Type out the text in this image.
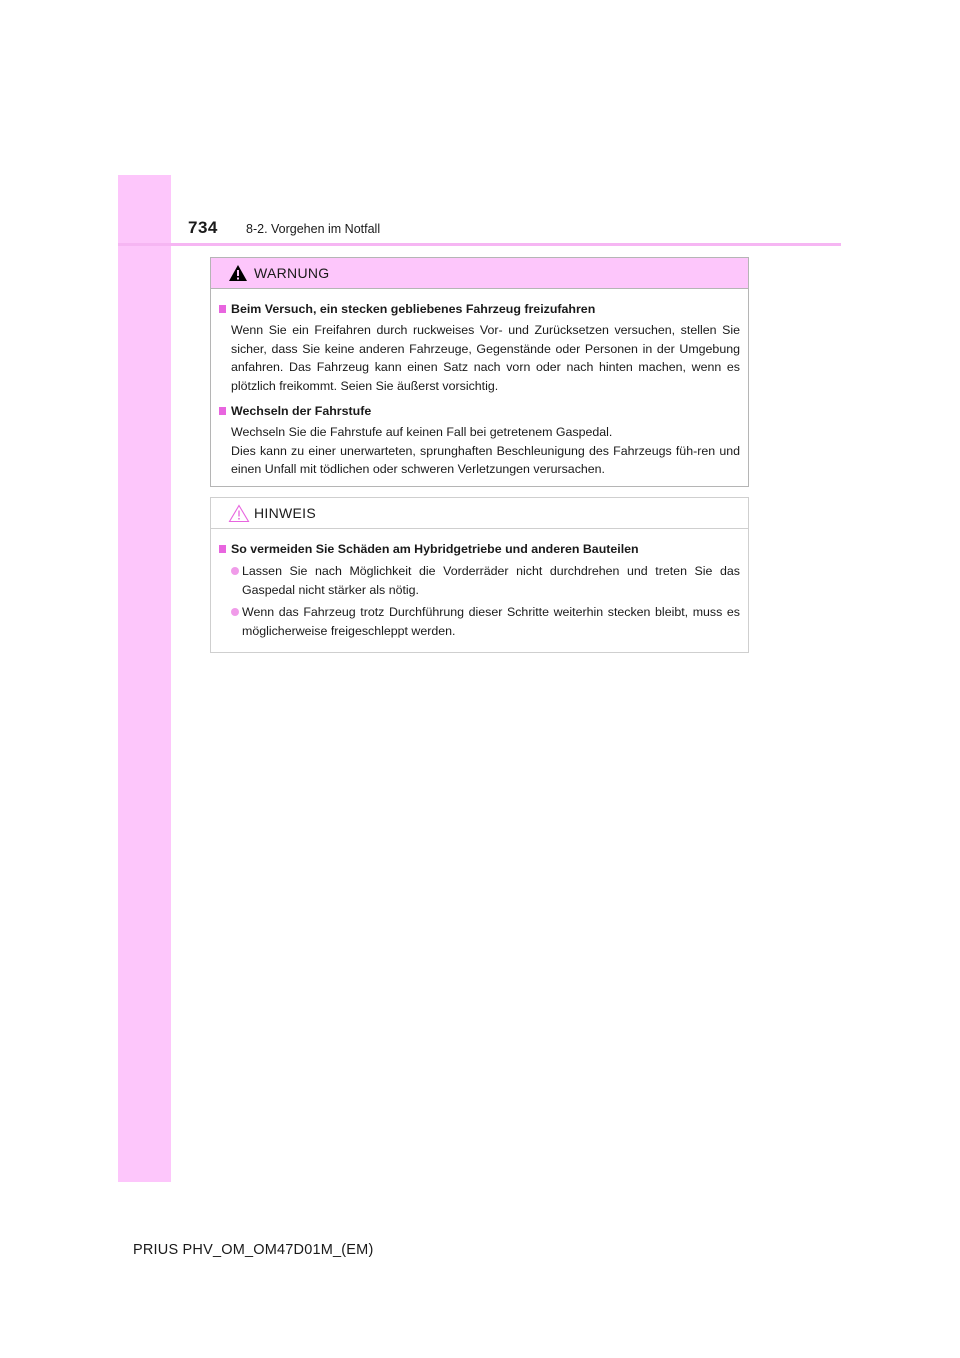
734 8-2. Vorgehen im Notfall
WARNUNG
Beim Versuch, ein stecken gebliebenes Fahrzeug freizufahren
Wenn Sie ein Freifahren durch ruckweises Vor- und Zurücksetzen versuchen, stellen Sie sicher, dass Sie keine anderen Fahrzeuge, Gegenstände oder Personen in der Umgebung anfahren. Das Fahrzeug kann einen Satz nach vorn oder nach hinten machen, wenn es plötzlich freikommt. Seien Sie äußerst vorsichtig.
Wechseln der Fahrstufe
Wechseln Sie die Fahrstufe auf keinen Fall bei getretenem Gaspedal.
Dies kann zu einer unerwarteten, sprunghaften Beschleunigung des Fahrzeugs füh-ren und einen Unfall mit tödlichen oder schweren Verletzungen verursachen.
HINWEIS
So vermeiden Sie Schäden am Hybridgetriebe und anderen Bauteilen
Lassen Sie nach Möglichkeit die Vorderräder nicht durchdrehen und treten Sie das Gaspedal nicht stärker als nötig.
Wenn das Fahrzeug trotz Durchführung dieser Schritte weiterhin stecken bleibt, muss es möglicherweise freigeschleppt werden.
PRIUS PHV_OM_OM47D01M_(EM)
